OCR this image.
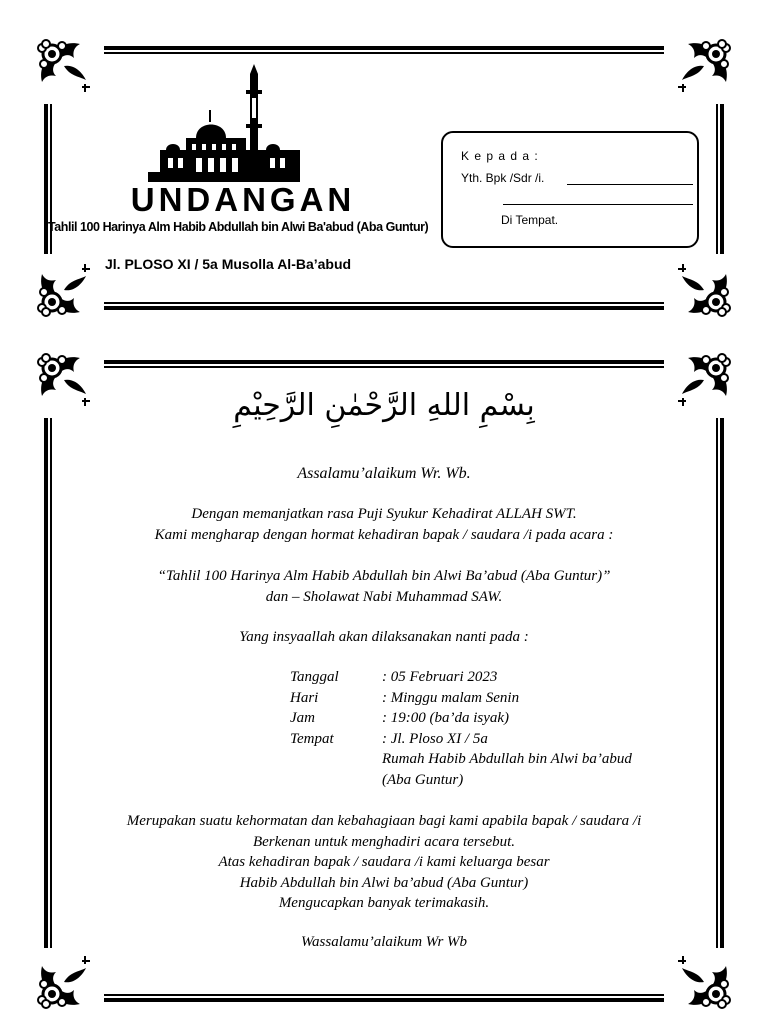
UNDANGAN
Tahlil 100 Harinya Alm Habib Abdullah bin Alwi Ba'abud (Aba Guntur)
Jl. PLOSO XI / 5a Musolla Al-Ba’abud
K e p a d a :
Yth. Bpk /Sdr /i.
Di Tempat.
بِسْمِ اللهِ الرَّحْمٰنِ الرَّحِيْمِ
Assalamu’alaikum Wr. Wb.
Dengan memanjatkan rasa Puji Syukur Kehadirat ALLAH SWT.
Kami mengharap dengan hormat kehadiran bapak / saudara /i pada acara :
“Tahlil 100 Harinya Alm Habib Abdullah bin Alwi Ba’abud (Aba Guntur)”
dan – Sholawat Nabi Muhammad SAW.
Yang insyaallah akan dilaksanakan nanti pada :
Tanggal	: 05 Februari 2023
Hari	: Minggu malam Senin
Jam	: 19:00 (ba’da isyak)
Tempat	: Jl. Ploso XI / 5a
Rumah Habib Abdullah bin Alwi ba’abud
(Aba Guntur)
Merupakan suatu kehormatan dan kebahagiaan bagi kami apabila bapak / saudara /i
Berkenan untuk menghadiri acara tersebut.
Atas kehadiran bapak / saudara /i kami keluarga besar
Habib Abdullah bin Alwi ba’abud (Aba Guntur)
Mengucapkan banyak terimakasih.
Wassalamu’alaikum Wr Wb
